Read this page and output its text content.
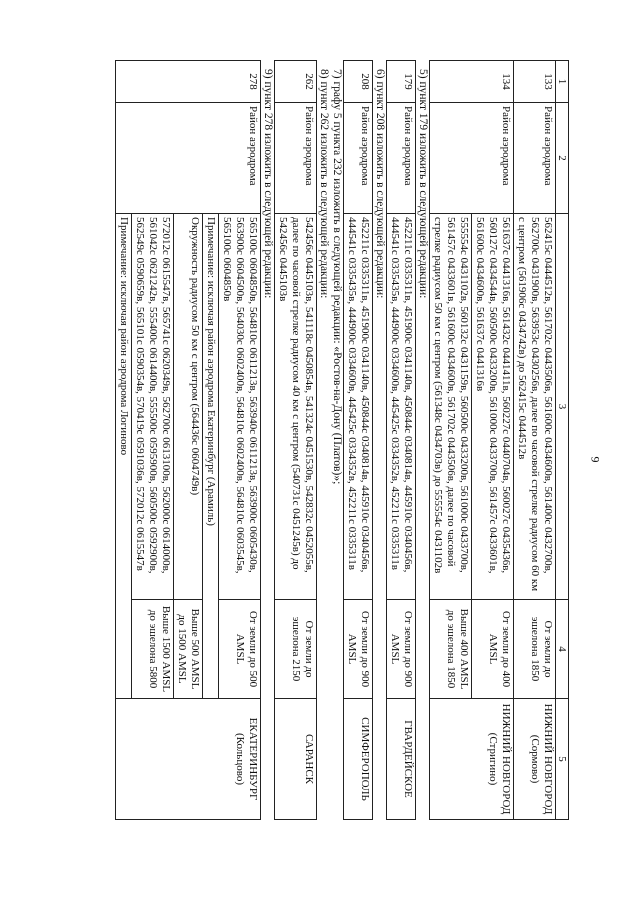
9
1	2	3	4	5
133	Район аэродрома	562415с 0444512в, 561702с 0443506в, 561600с 0434600в, 561400с 0432700в, 562700с 0431900в, 563953с 0430256в, далее по часовой стрелке радиусом 60 км с центром (561906с 0434742в) до 562415с 0444512в	От земли до эшелона 1850	НИЖНИЙ НОВГОРОД
(Сормово)

134	Район аэродрома	561637с 0441316в, 561432с 0441411в, 560227с 0440704в, 560027с 0435436в, 560127с 0434544в, 560500с 0433200в, 561000с 0433700в, 561457с 0433601в, 561600с 0434600в, 561637с 0441316в	От земли до 400 AMSL	НИЖНИЙ НОВГОРОД
(Стригино)

		555554с 0431102в, 560132с 0431159в, 560500с 0433200в, 561000с 0433700в, 561457с 0433601в, 561600с 0434600в, 561702с 0443506в, далее по часовой стрелке радиусом 50 км с центром (561348с 0434703в) до 555554с 0431102в	Выше 400 AMSL до эшелона 1850	
5) пункт 179 изложить в следующей редакции:
179	Район аэродрома	452211с 0335311в, 451900с 0341140в, 450844с 0340814в, 445910с 0340456в, 444541с 0335435в, 444900с 0334600в, 445425с 0334352в, 452211с 0335311в	От земли до 900 AMSL	ГВАРДЕЙСКОЕ
6) пункт 208 изложить в следующей редакции:
208	Район аэродрома	452211с 0335311в, 451900с 0341140в, 450844с 0340814в, 445910с 0340456в, 444541с 0335435в, 444900с 0334600в, 445425с 0334352в, 452211с 0335311в	От земли до 900 AMSL	СИМФЕРОПОЛЬ
7) графу 5 пункта 232 изложить в следующей редакции: «Ростов-на-Дону (Платов)»;
8) пункт 262 изложить в следующей редакции:
262	Район аэродрома	542456с 0445103в, 541118с 0450854в, 541324с 0451530в, 542832с 0452055в, далее по часовой стрелке радиусом 40 км с центром (540731с 0451245в) до 542456с 0445103в	От земли до эшелона 2150	САРАНСК
9) пункт 278 изложить в следующей редакции:
278	Район аэродрома	565100с 0604850в, 564810с 0611213в, 563940с 0611213в, 563900с 0605430в, 563900с 0604500в, 564030с 0602400в, 564810с 0602400в, 564810с 0603545в, 565100с 0604850в	От земли до 500 AMSL	ЕКАТЕРИНБУРГ
(Кольцово)

		Примечание: исключая район аэродрома Екатеринбург (Арамиль)		
		Окружность радиусом 50 км с центром (564436с 0604749в)	Выше 500 AMSL до 1500 AMSL	
		572012с 0615547в, 565741с 0620349в, 562700с 0613100в, 562000с 0614000в, 561042с 0621242в, 555400с 0614400в, 555500с 0595900в, 560500с 0592900в, 562549с 0590659в, 565101с 0590354в, 570419с 0591036в, 572012с 0615547в	Выше 1500 AMSL до эшелона 5800	
		Примечание: исключая район аэродрома Логиново		
